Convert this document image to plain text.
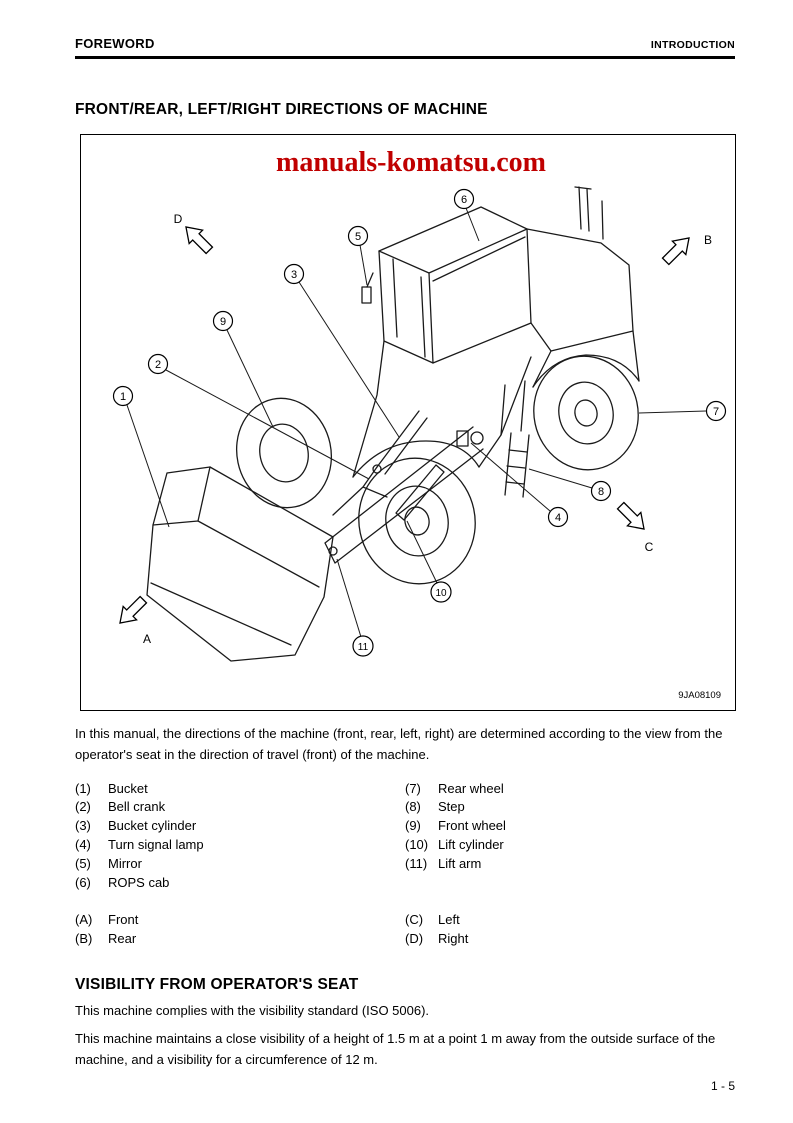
FOREWORD	INTRODUCTION
FRONT/REAR, LEFT/RIGHT DIRECTIONS OF MACHINE
manuals-komatsu.com
1
2
3
4
5
6
7
8
9
10
11
D
B
C
A
9JA08109

In this manual, the directions of the machine (front, rear, left, right) are determined according to the view from the operator's seat in the direction of travel (front) of the machine.

(1)	Bucket
(2)	Bell crank
(3)	Bucket cylinder
(4)	Turn signal lamp
(5)	Mirror
(6)	ROPS cab
(7)	Rear wheel
(8)	Step
(9)	Front wheel
(10) Lift cylinder
(11) Lift arm
(A)	Front
(B)	Rear
(C)	Left
(D)	Right
VISIBILITY FROM OPERATOR'S SEAT

This machine complies with the visibility standard (ISO 5006).

This machine maintains a close visibility of a height of 1.5 m at a point 1 m away from the outside surface of the machine, and a visibility for a circumference of 12 m.

1 - 5
